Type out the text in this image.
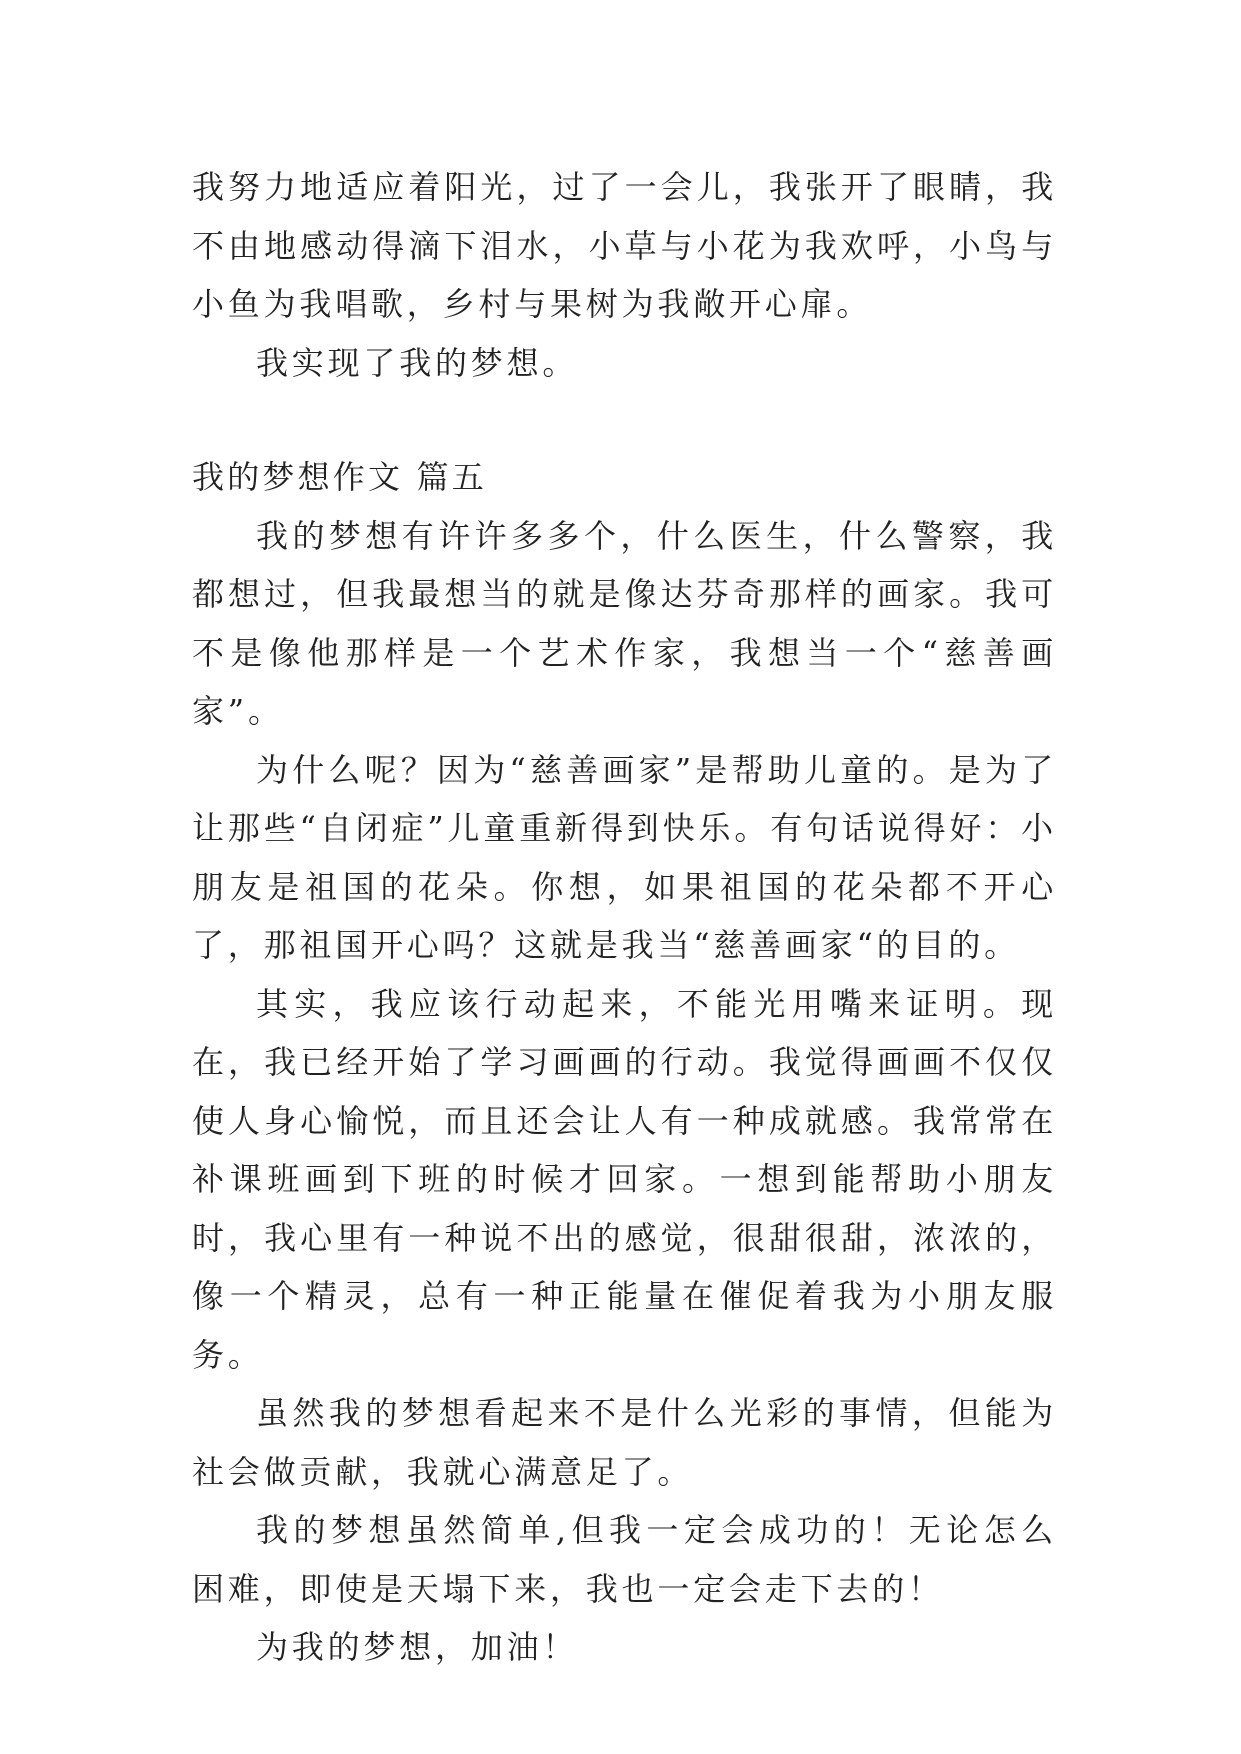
我努力地适应着阳光，过了一会儿，我张开了眼睛，我不由地感动得滴下泪水，小草与小花为我欢呼，小鸟与小鱼为我唱歌，乡村与果树为我敞开心扉。

我实现了我的梦想。

我的梦想作文 篇五

我的梦想有许许多多个，什么医生，什么警察，我都想过，但我最想当的就是像达芬奇那样的画家。我可不是像他那样是一个艺术作家，我想当一个“慈善画家”。

为什么呢？因为“慈善画家”是帮助儿童的。是为了让那些“自闭症”儿童重新得到快乐。有句话说得好：小朋友是祖国的花朵。你想，如果祖国的花朵都不开心了，那祖国开心吗？这就是我当“慈善画家“的目的。

其实，我应该行动起来，不能光用嘴来证明。现在，我已经开始了学习画画的行动。我觉得画画不仅仅使人身心愉悦，而且还会让人有一种成就感。我常常在补课班画到下班的时候才回家。一想到能帮助小朋友时，我心里有一种说不出的感觉，很甜很甜，浓浓的，像一个精灵，总有一种正能量在催促着我为小朋友服务。

虽然我的梦想看起来不是什么光彩的事情，但能为社会做贡献，我就心满意足了。

我的梦想虽然简单,但我一定会成功的！无论怎么困难，即使是天塌下来，我也一定会走下去的！

为我的梦想，加油！
